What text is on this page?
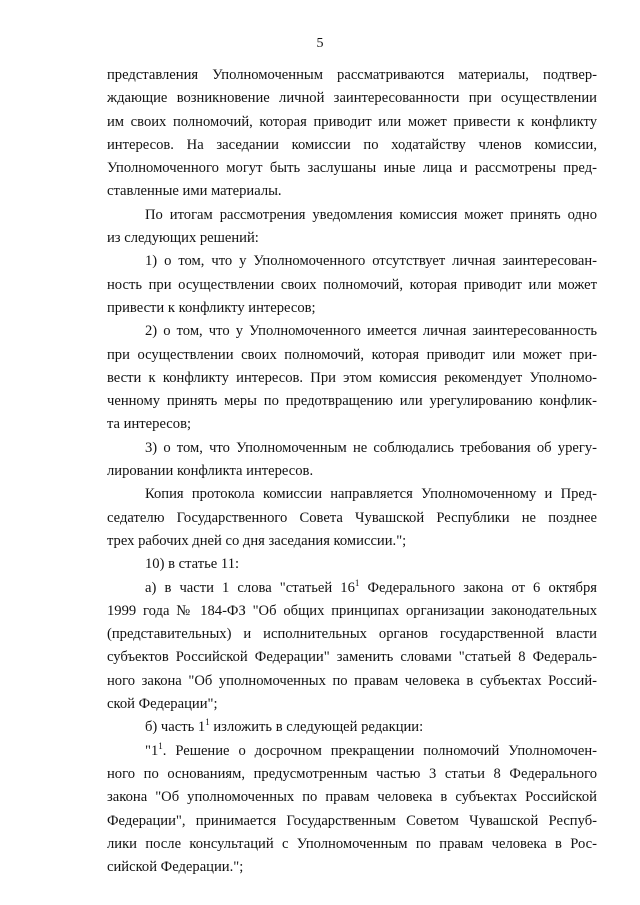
5
представления Уполномоченным рассматриваются материалы, подтвер-
ждающие возникновение личной заинтересованности при осуществлении
им своих полномочий, которая приводит или может привести к конфликту
интересов. На заседании комиссии по ходатайству членов комиссии,
Уполномоченного могут быть заслушаны иные лица и рассмотрены пред-
ставленные ими материалы.
По итогам рассмотрения уведомления комиссия может принять одно
из следующих решений:
1) о том, что у Уполномоченного отсутствует личная заинтересован-
ность при осуществлении своих полномочий, которая приводит или может
привести к конфликту интересов;
2) о том, что у Уполномоченного имеется личная заинтересованность
при осуществлении своих полномочий, которая приводит или может при-
вести к конфликту интересов. При этом комиссия рекомендует Уполномо-
ченному принять меры по предотвращению или урегулированию конфлик-
та интересов;
3) о том, что Уполномоченным не соблюдались требования об урегу-
лировании конфликта интересов.
Копия протокола комиссии направляется Уполномоченному и Пред-
седателю Государственного Совета Чувашской Республики не позднее
трех рабочих дней со дня заседания комиссии.";
10) в статье 11:
а) в части 1 слова "статьей $16^1$ Федерального закона от 6 октября
1999 года № 184-ФЗ "Об общих принципах организации законодательных
(представительных) и исполнительных органов государственной власти
субъектов Российской Федерации" заменить словами "статьей 8 Федераль-
ного закона "Об уполномоченных по правам человека в субъектах Россий-
ской Федерации";
б) часть $1^1$ изложить в следующей редакции:
"$1^1$. Решение о досрочном прекращении полномочий Уполномочен-
ного по основаниям, предусмотренным частью 3 статьи 8 Федерального
закона "Об уполномоченных по правам человека в субъектах Российской
Федерации", принимается Государственным Советом Чувашской Респуб-
лики после консультаций с Уполномоченным по правам человека в Рос-
сийской Федерации.";
